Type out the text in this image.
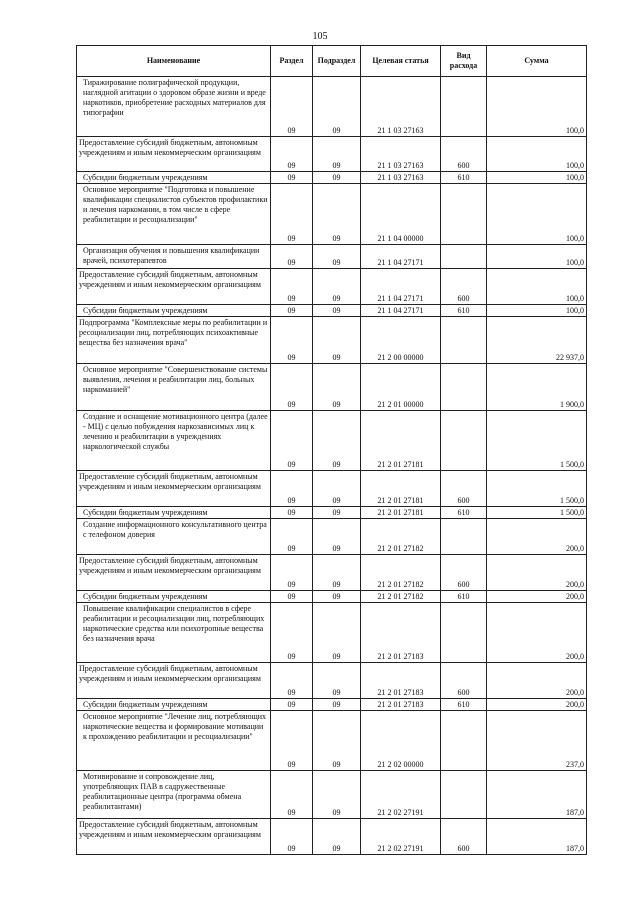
105
Наименование	Раздел	Подраздел	Целевая статья	Вид расхода	Сумма
Тиражирование полиграфической продукции, наглядной агитации о здоровом образе жизни и вреде наркотиков, приобретение расходных материалов для типографии	09	09	21 1 03 27163		100,0
Предоставление субсидий бюджетным, автономным учреждениям и иным некоммерческим организациям	09	09	21 1 03 27163	600	100,0
Субсидии бюджетным учреждениям	09	09	21 1 03 27163	610	100,0
Основное мероприятие "Подготовка и повышение квалификации специалистов субъектов профилактики и лечения наркомании, в том числе в сфере реабилитации и ресоциализации"	09	09	21 1 04 00000		100,0
Организация обучения и повышения квалификации врачей, психотерапевтов	09	09	21 1 04 27171		100,0
Предоставление субсидий бюджетным, автономным учреждениям и иным некоммерческим организациям	09	09	21 1 04 27171	600	100,0
Субсидии бюджетным учреждениям	09	09	21 1 04 27171	610	100,0
Подпрограмма "Комплексные меры по реабилитации и ресоциализации лиц, потребляющих психоактивные вещества без назначения врача"	09	09	21 2 00 00000		22 937,0
Основное мероприятие "Совершенствование системы выявления, лечения и реабилитации лиц, больных наркоманией"	09	09	21 2 01 00000		1 900,0
Создание и оснащение мотивационного центра (далее - МЦ) с целью побуждения наркозависимых лиц к лечению и реабилитации в учреждениях наркологической службы	09	09	21 2 01 27181		1 500,0
Предоставление субсидий бюджетным, автономным учреждениям и иным некоммерческим организациям	09	09	21 2 01 27181	600	1 500,0
Субсидии бюджетным учреждениям	09	09	21 2 01 27181	610	1 500,0
Создание информационного консультативного центра с телефоном доверия	09	09	21 2 01 27182		200,0
Предоставление субсидий бюджетным, автономным учреждениям и иным некоммерческим организациям	09	09	21 2 01 27182	600	200,0
Субсидии бюджетным учреждениям	09	09	21 2 01 27182	610	200,0
Повышение квалификации специалистов в сфере реабилитации и ресоциализации лиц, потребляющих наркотические средства или психотропные вещества без назначения врача	09	09	21 2 01 27183		200,0
Предоставление субсидий бюджетным, автономным учреждениям и иным некоммерческим организациям	09	09	21 2 01 27183	600	200,0
Субсидии бюджетным учреждениям	09	09	21 2 01 27183	610	200,0
Основное мероприятие "Лечение лиц, потребляющих наркотические вещества и формирование мотивации к прохождению реабилитации и ресоциализации"	09	09	21 2 02 00000		237,0
Мотивирование и сопровождение лиц, употребляющих ПАВ в садружественные реабилитационные центра (программа обмена реабилитантами)	09	09	21 2 02 27191		187,0
Предоставление субсидий бюджетным, автономным учреждениям и иным некоммерческим организациям	09	09	21 2 02 27191	600	187,0
